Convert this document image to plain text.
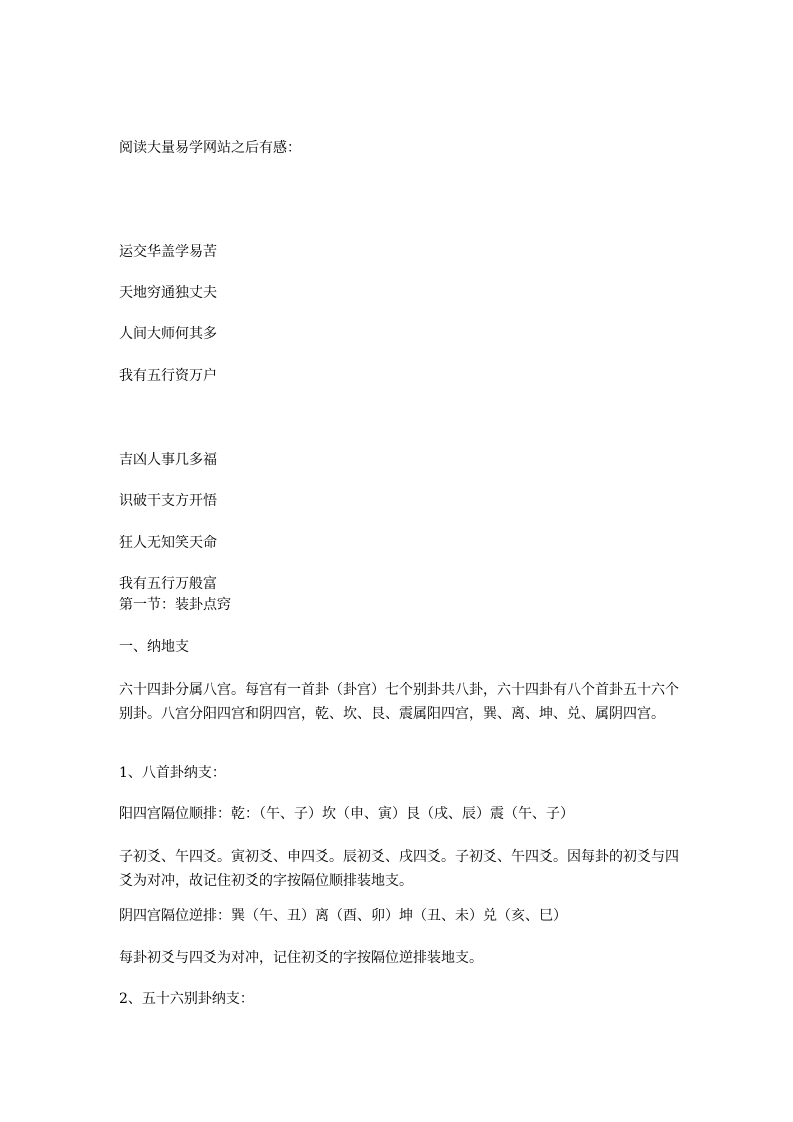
阅读大量易学网站之后有感：

运交华盖学易苦

天地穷通独丈夫

人间大师何其多

我有五行资万户

吉凶人事几多福

识破干支方开悟

狂人无知笑天命

我有五行万般富

第一节：装卦点窍

一、纳地支

六十四卦分属八宫。每宫有一首卦（卦宫）七个别卦共八卦，六十四卦有八个首卦五十六个别卦。八宫分阳四宫和阴四宫，乾、坎、艮、震属阳四宫，巽、离、坤、兑、属阴四宫。

1、八首卦纳支：

阳四宫隔位顺排：乾：（午、子）坎（申、寅）艮（戌、辰）震（午、子）

子初爻、午四爻。寅初爻、申四爻。辰初爻、戌四爻。子初爻、午四爻。因每卦的初爻与四爻为对冲，故记住初爻的字按隔位顺排装地支。

阴四宫隔位逆排：巽（午、丑）离（酉、卯）坤（丑、未）兑（亥、巳）

每卦初爻与四爻为对冲，记住初爻的字按隔位逆排装地支。

2、五十六别卦纳支：
